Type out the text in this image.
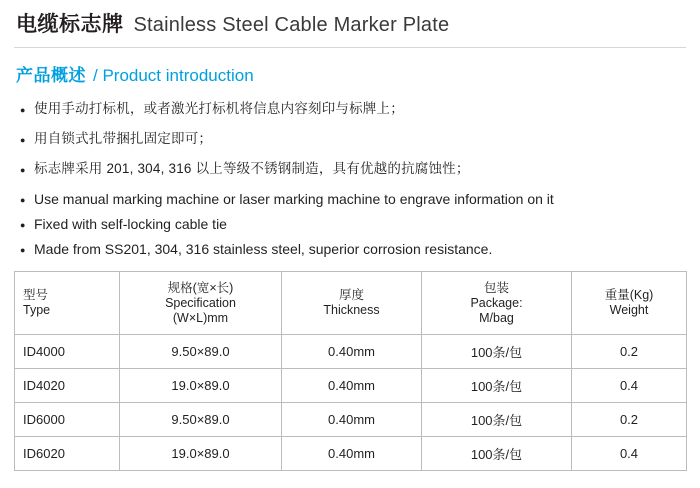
电缆标志牌 Stainless Steel Cable Marker Plate
产品概述 / Product introduction
●
使用手动打标机，或者激光打标机将信息内容刻印与标牌上；
●
用自锁式扎带捆扎固定即可；
●
标志牌采用 201, 304, 316 以上等级不锈钢制造，具有优越的抗腐蚀性；
●
Use manual marking machine or laser marking machine to engrave information on it
●
Fixed with self-locking cable tie
●
Made from SS201, 304, 316 stainless steel, superior corrosion resistance.
型号
Type

规格(宽×长)
Specification
(W×L)mm

厚度
Thickness

包装
Package:
M/bag

重量(Kg)
Weight

ID4000	9.50×89.0	0.40mm	100条/包	0.2
ID4020	19.0×89.0	0.40mm	100条/包	0.4
ID6000	9.50×89.0	0.40mm	100条/包	0.2
ID6020	19.0×89.0	0.40mm	100条/包	0.4
